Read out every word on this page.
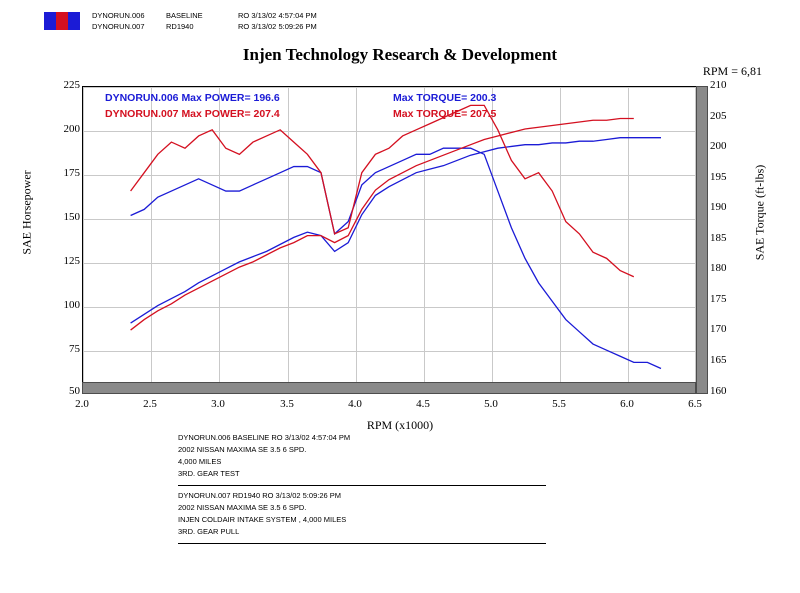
DYNORUN.006	BASELINE	RO 3/13/02 4:57:04 PM
DYNORUN.007	RD1940	RO 3/13/02 5:09:26 PM
Injen Technology Research & Development
RPM = 6,81
DYNORUN.006 Max POWER= 196.6	Max TORQUE= 200.3
DYNORUN.007 Max POWER= 207.4	Max TORQUE= 207.5
225
200
175
150
125
100
75
50
210
205
200
195
190
185
180
175
170
165
160
2.0	2.5	3.0	3.5	4.0	4.5	5.0	5.5	6.0	6.5
RPM (x1000)
SAE Horsepower	SAE Torque (ft-lbs)
DYNORUN.006 BASELINE RO 3/13/02 4:57:04 PM
2002 NISSAN MAXIMA SE 3.5 6 SPD.
4,000 MILES
3RD. GEAR TEST
DYNORUN.007 RD1940 RO 3/13/02 5:09:26 PM
2002 NISSAN MAXIMA SE 3.5 6 SPD.
INJEN COLDAIR INTAKE SYSTEM , 4,000 MILES
3RD. GEAR PULL
